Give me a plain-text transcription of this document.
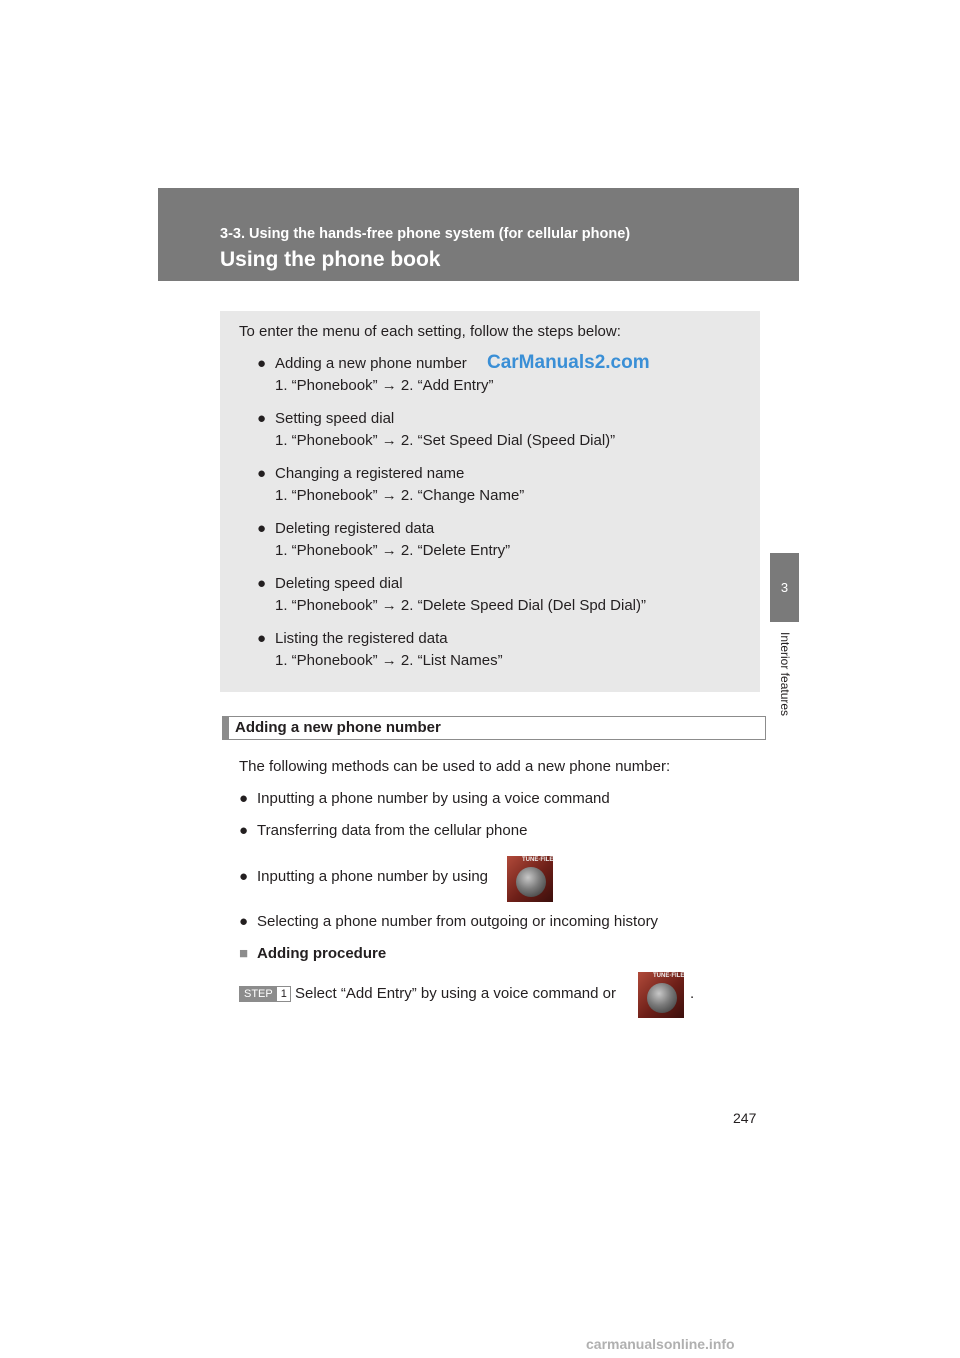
3-3. Using the hands-free phone system (for cellular phone)
Using the phone book
3
Interior features
To enter the menu of each setting, follow the steps below:
● Adding a new phone number
1. “Phonebook” → 2. “Add Entry”
● Setting speed dial
1. “Phonebook” → 2. “Set Speed Dial (Speed Dial)”
● Changing a registered name
1. “Phonebook” → 2. “Change Name”
● Deleting registered data
1. “Phonebook” → 2. “Delete Entry”
● Deleting speed dial
1. “Phonebook” → 2. “Delete Speed Dial (Del Spd Dial)”
● Listing the registered data
1. “Phonebook” → 2. “List Names”
CarManuals2.com
Adding a new phone number
The following methods can be used to add a new phone number:
● Inputting a phone number by using a voice command
● Transferring data from the cellular phone
● Inputting a phone number by using
TUNE·FILE
● Selecting a phone number from outgoing or incoming history
■ Adding procedure
STEP 1 Select “Add Entry” by using a voice command or
TUNE·FILE
.
247
carmanualsonline.info
